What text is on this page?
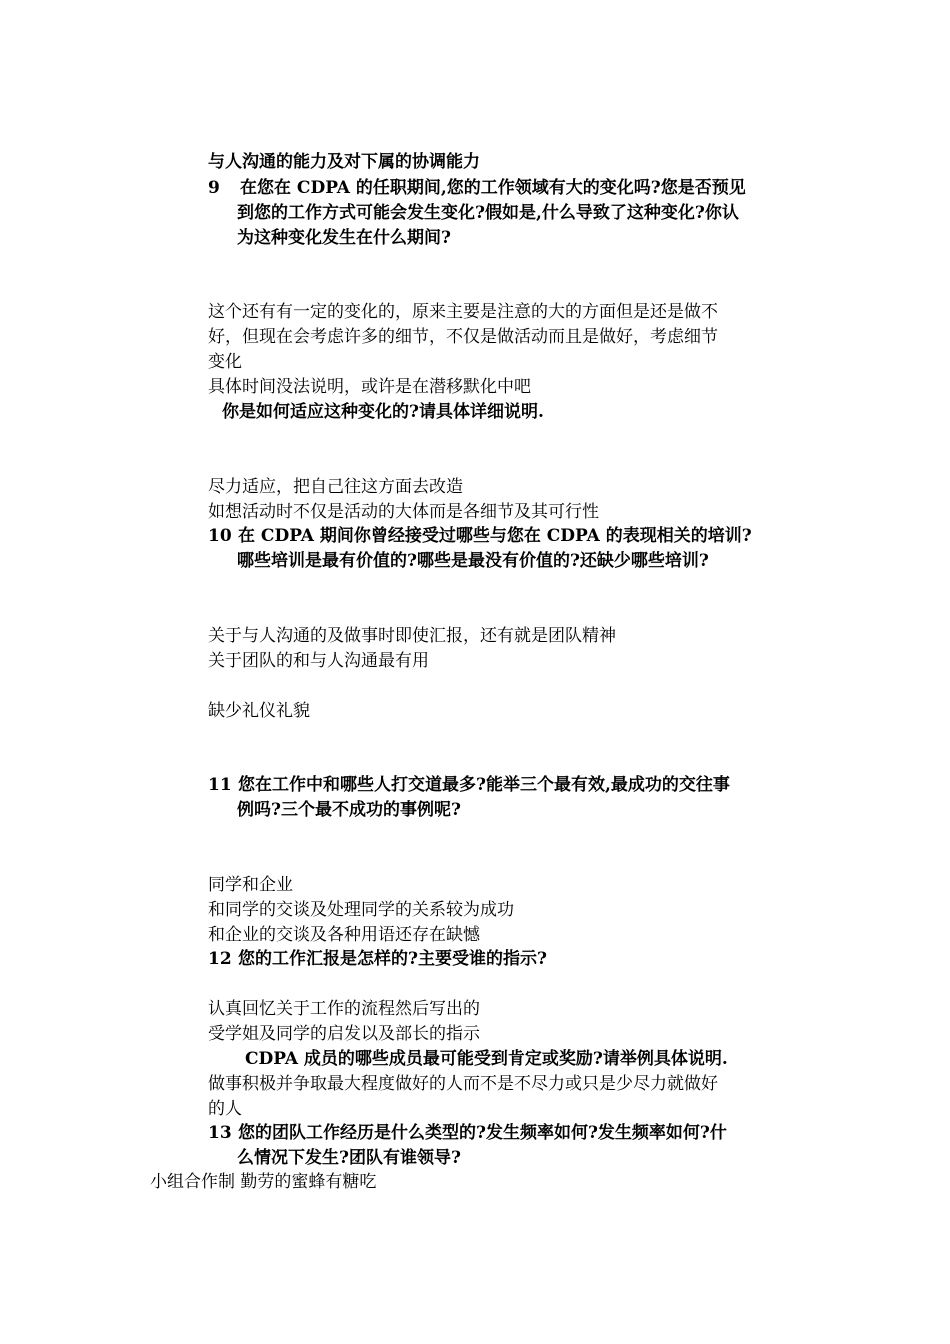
与人沟通的能力及对下属的协调能力
9 在您在 CDPA 的任职期间,您的工作领域有大的变化吗?您是否预见
到您的工作方式可能会发生变化?假如是,什么导致了这种变化?你认
为这种变化发生在什么期间?
这个还有有一定的变化的，原来主要是注意的大的方面但是还是做不
好，但现在会考虑许多的细节，不仅是做活动而且是做好，考虑细节
变化
具体时间没法说明，或许是在潜移默化中吧
你是如何适应这种变化的?请具体详细说明.
尽力适应，把自己往这方面去改造
如想活动时不仅是活动的大体而是各细节及其可行性
10 在 CDPA 期间你曾经接受过哪些与您在 CDPA 的表现相关的培训?
哪些培训是最有价值的?哪些是最没有价值的?还缺少哪些培训?
关于与人沟通的及做事时即使汇报，还有就是团队精神
关于团队的和与人沟通最有用
缺少礼仪礼貌
11 您在工作中和哪些人打交道最多?能举三个最有效,最成功的交往事
例吗?三个最不成功的事例呢?
同学和企业
和同学的交谈及处理同学的关系较为成功
和企业的交谈及各种用语还存在缺憾
12 您的工作汇报是怎样的?主要受谁的指示?
认真回忆关于工作的流程然后写出的
受学姐及同学的启发以及部长的指示
CDPA 成员的哪些成员最可能受到肯定或奖励?请举例具体说明.
做事积极并争取最大程度做好的人而不是不尽力或只是少尽力就做好
的人
13 您的团队工作经历是什么类型的?发生频率如何?发生频率如何?什
么情况下发生?团队有谁领导?
小组合作制 勤劳的蜜蜂有糖吃
